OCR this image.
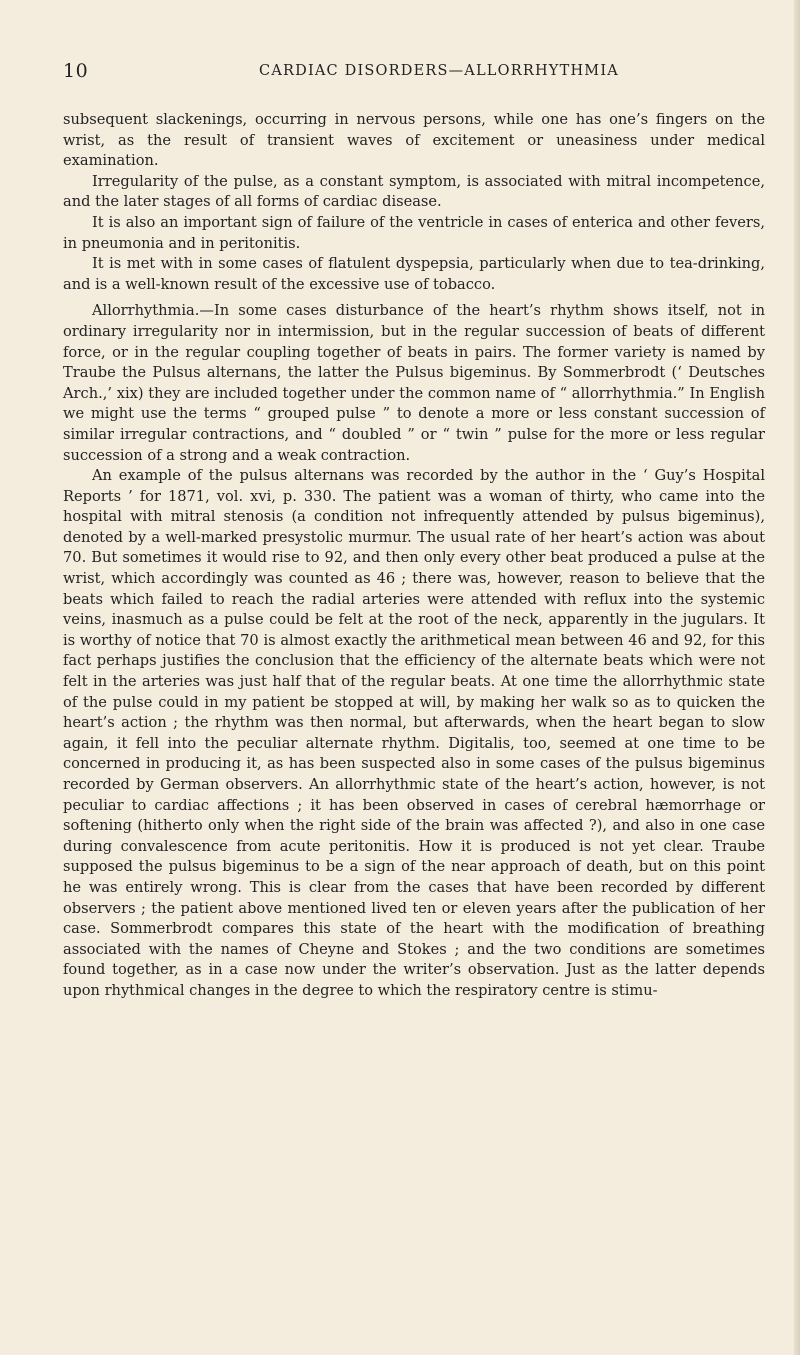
10	CARDIAC DISORDERS—ALLORRHYTHMIA

subsequent slackenings, occurring in nervous persons, while one has one’s fingers on the wrist, as the result of transient waves of excitement or uneasiness under medical examination.

Irregularity of the pulse, as a constant symptom, is associated with mitral incompetence, and the later stages of all forms of cardiac disease.

It is also an important sign of failure of the ventricle in cases of enterica and other fevers, in pneumonia and in peritonitis.

It is met with in some cases of flatulent dyspepsia, particularly when due to tea-drinking, and is a well-known result of the excessive use of tobacco.

Allorrhythmia.—In some cases disturbance of the heart’s rhythm shows itself, not in ordinary irregularity nor in intermission, but in the regular succession of beats of different force, or in the regular coupling together of beats in pairs. The former variety is named by Traube the Pulsus alternans, the latter the Pulsus bigeminus. By Sommerbrodt (‘ Deutsches Arch.,’ xix) they are included together under the common name of “ allorrhythmia.” In English we might use the terms “ grouped pulse ” to denote a more or less constant succession of similar irregular contractions, and “ doubled ” or “ twin ” pulse for the more or less regular succession of a strong and a weak contraction.

An example of the pulsus alternans was recorded by the author in the ‘ Guy’s Hospital Reports ’ for 1871, vol. xvi, p. 330. The patient was a woman of thirty, who came into the hospital with mitral stenosis (a condition not infrequently attended by pulsus bigeminus), denoted by a well-marked presystolic murmur. The usual rate of her heart’s action was about 70. But sometimes it would rise to 92, and then only every other beat produced a pulse at the wrist, which accordingly was counted as 46 ; there was, however, reason to believe that the beats which failed to reach the radial arteries were attended with reflux into the systemic veins, inasmuch as a pulse could be felt at the root of the neck, apparently in the jugulars. It is worthy of notice that 70 is almost exactly the arithmetical mean between 46 and 92, for this fact perhaps justifies the conclusion that the efficiency of the alternate beats which were not felt in the arteries was just half that of the regular beats. At one time the allorrhythmic state of the pulse could in my patient be stopped at will, by making her walk so as to quicken the heart’s action ; the rhythm was then normal, but afterwards, when the heart began to slow again, it fell into the peculiar alternate rhythm. Digitalis, too, seemed at one time to be concerned in producing it, as has been suspected also in some cases of the pulsus bigeminus recorded by German observers. An allorrhythmic state of the heart’s action, however, is not peculiar to cardiac affections ; it has been observed in cases of cerebral hæmorrhage or softening (hitherto only when the right side of the brain was affected ?), and also in one case during convalescence from acute peritonitis. How it is produced is not yet clear. Traube supposed the pulsus bigeminus to be a sign of the near approach of death, but on this point he was entirely wrong. This is clear from the cases that have been recorded by different observers ; the patient above mentioned lived ten or eleven years after the publication of her case. Sommerbrodt compares this state of the heart with the modification of breathing associated with the names of Cheyne and Stokes ; and the two conditions are sometimes found together, as in a case now under the writer’s observation. Just as the latter depends upon rhythmical changes in the degree to which the respiratory centre is stimu-
